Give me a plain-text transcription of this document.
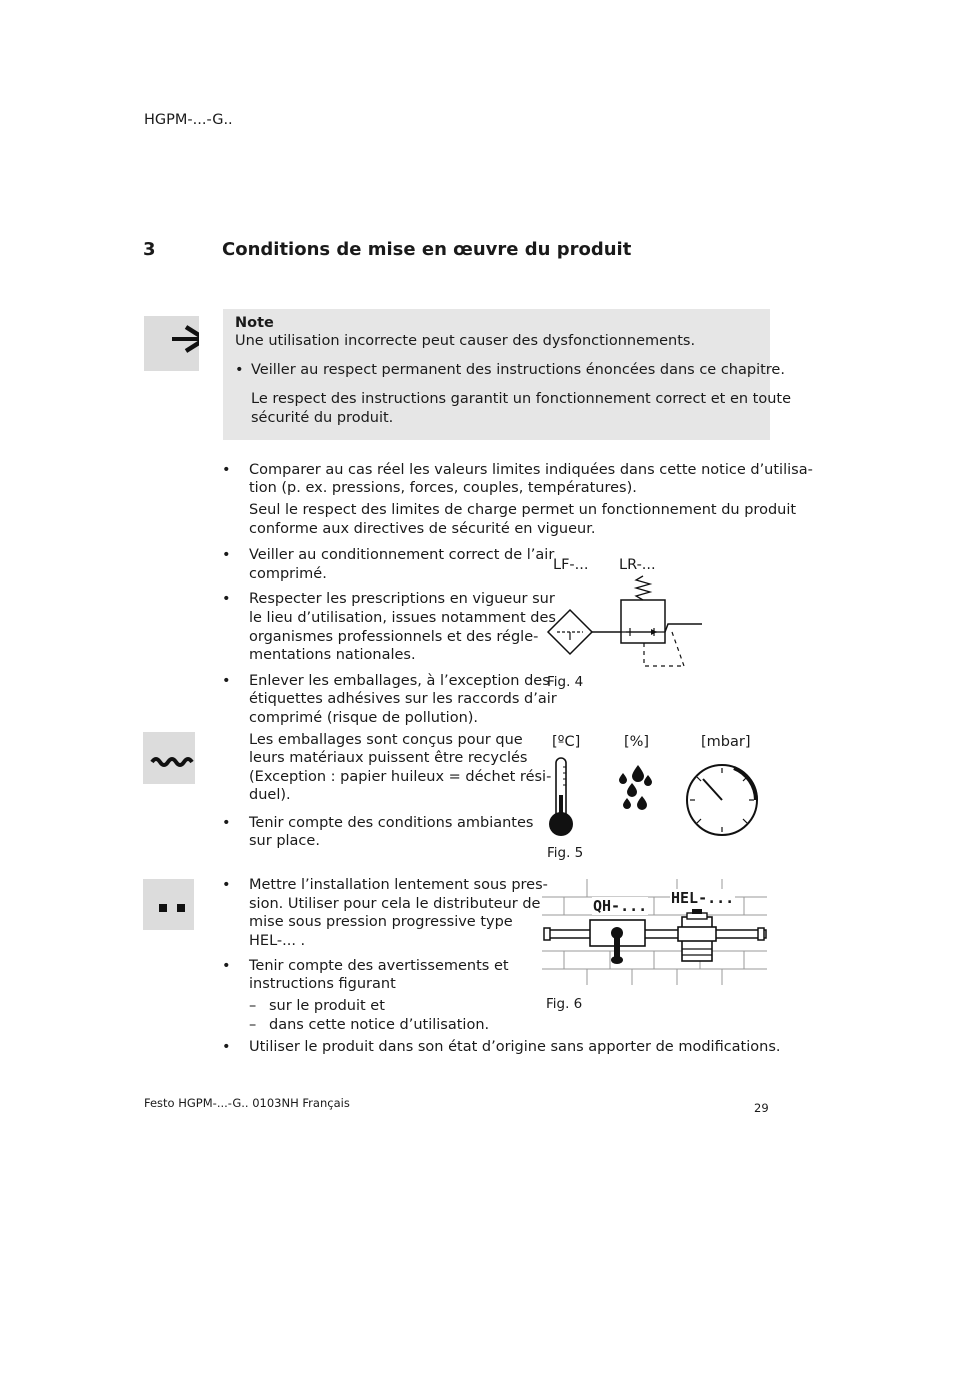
HGPM-...-G..
3	Conditions de mise en œuvre du produit
Note
Une utilisation incorrecte peut causer des dysfonctionnements.
• Veiller au respect permanent des instructions énoncées dans ce chapitre.
Le respect des instructions garantit un fonctionnement correct et en toute
sécurité du produit.
•	Comparer au cas réel les valeurs limites indiquées dans cette notice d’utilisa-
tion (p. ex. pressions, forces, couples, températures).
Seul le respect des limites de charge permet un fonctionnement du produit
conforme aux directives de sécurité en vigueur.
•	Veiller au conditionnement correct de l’air
comprimé.
•	Respecter les prescriptions en vigueur sur
le lieu d’utilisation, issues notamment des
organismes professionnels et des régle-
mentations nationales.
•	Enlever les emballages, à l’exception des
étiquettes adhésives sur les raccords d’air
comprimé (risque de pollution).
Les emballages sont conçus pour que
leurs matériaux puissent être recyclés
(Exception : papier huileux = déchet rési-
duel).
•	Tenir compte des conditions ambiantes
sur place.
•	Mettre l’installation lentement sous pres-
sion. Utiliser pour cela le distributeur de
mise sous pression progressive type
HEL-... .
•	Tenir compte des avertissements et
instructions figurant
– sur le produit et
– dans cette notice d’utilisation.
•	Utiliser le produit dans son état d’origine sans apporter de modifications.
LF-... LR-...
Fig. 4
[ºC]	[%]	[mbar]
Fig. 5
QH-... HEL-...
Fig. 6
Festo HGPM-...-G.. 0103NH Français	29
